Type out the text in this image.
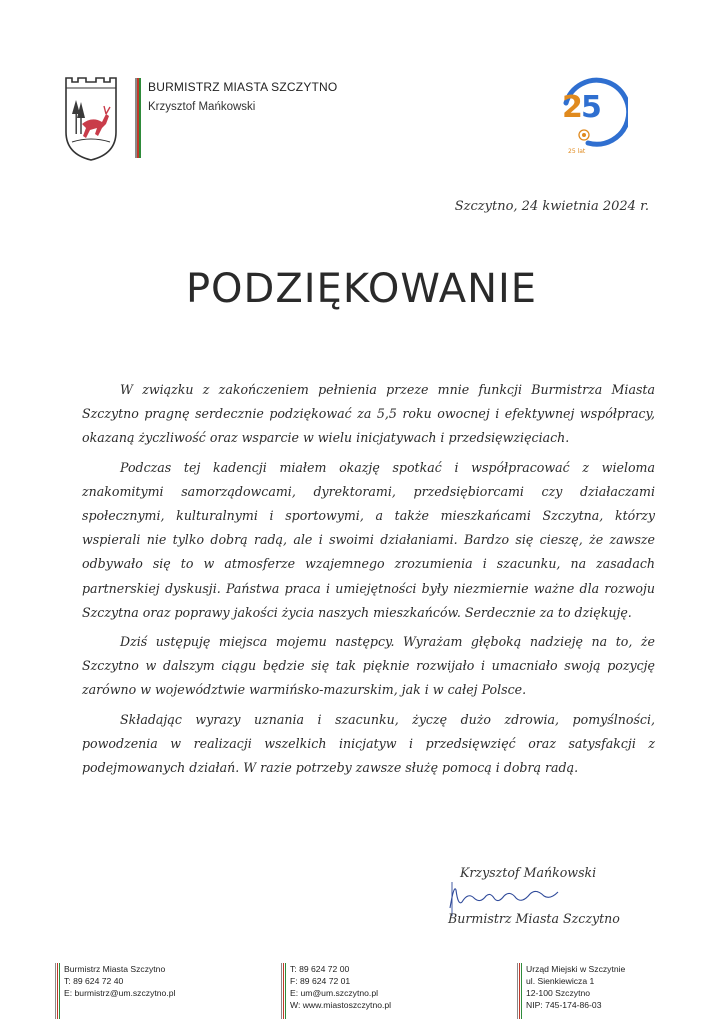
BURMISTRZ MIASTA SZCZYTNO
Krzysztof Mańkowski	2
5
25 lat
Szczytno, 24 kwietnia 2024 r.
PODZIĘKOWANIE

W związku z zakończeniem pełnienia przeze mnie funkcji Burmistrza Miasta Szczytno pragnę serdecznie podziękować za 5,5 roku owocnej i efektywnej współpracy, okazaną życzliwość oraz wsparcie w wielu inicjatywach i przedsięwzięciach.

Podczas tej kadencji miałem okazję spotkać i współpracować z wieloma znakomitymi samorządowcami, dyrektorami, przedsiębiorcami czy działaczami społecznymi, kulturalnymi i sportowymi, a także mieszkańcami Szczytna, którzy wspierali nie tylko dobrą radą, ale i swoimi działaniami. Bardzo się cieszę, że zawsze odbywało się to w atmosferze wzajemnego zrozumienia i szacunku, na zasadach partnerskiej dyskusji. Państwa praca i umiejętności były niezmiernie ważne dla rozwoju Szczytna oraz poprawy jakości życia naszych mieszkańców. Serdecznie za to dziękuję.

Dziś ustępuję miejsca mojemu następcy. Wyrażam głęboką nadzieję na to, że Szczytno w dalszym ciągu będzie się tak pięknie rozwijało i umacniało swoją pozycję zarówno w województwie warmińsko-mazurskim, jak i w całej Polsce.

Składając wyrazy uznania i szacunku, życzę dużo zdrowia, pomyślności, powodzenia w realizacji wszelkich inicjatyw i przedsięwzięć oraz satysfakcji z podejmowanych działań. W razie potrzeby zawsze służę pomocą i dobrą radą.

Krzysztof Mańkowski
Burmistrz Miasta Szczytno
Burmistrz Miasta Szczytno
T: 89 624 72 40
E: burmistrz@um.szczytno.pl
T: 89 624 72 00
F: 89 624 72 01
E: um@um.szczytno.pl
W: www.miastoszczytno.pl
Urząd Miejski w Szczytnie
ul. Sienkiewicza 1
12-100 Szczytno
NIP: 745-174-86-03
